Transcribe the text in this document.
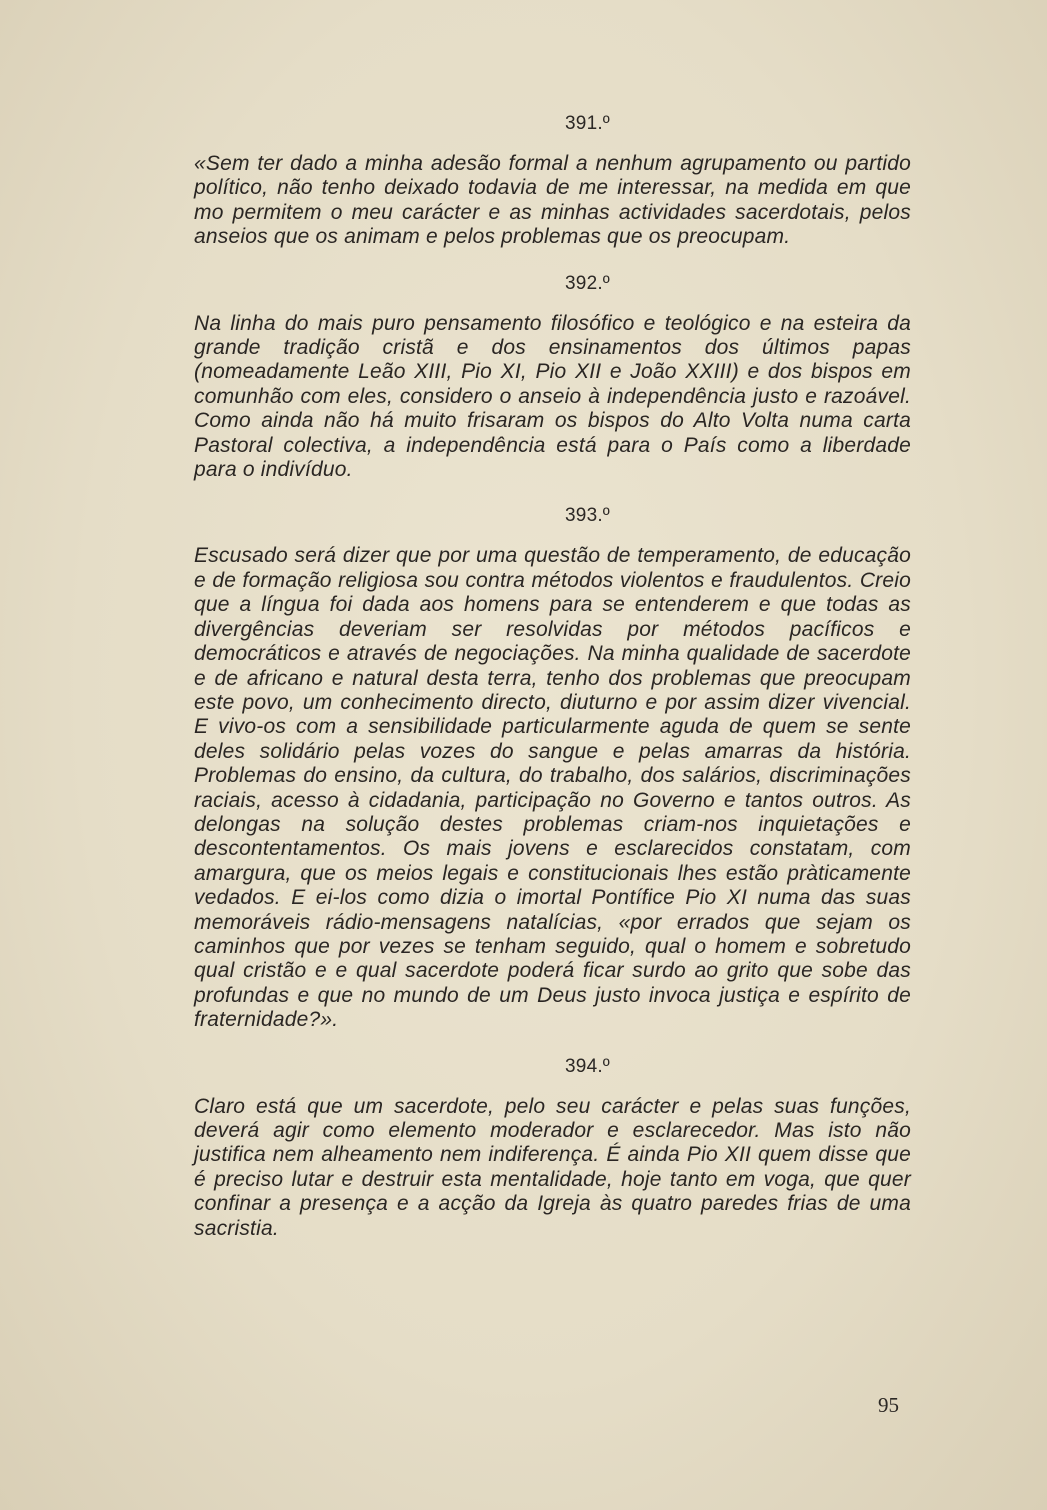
391.º

«Sem ter dado a minha adesão formal a nenhum agrupamento ou partido político, não tenho deixado todavia de me interessar, na medida em que mo permitem o meu carácter e as minhas actividades sacerdotais, pelos anseios que os animam e pelos problemas que os preocupam.

392.º

Na linha do mais puro pensamento filosófico e teológico e na esteira da grande tradição cristã e dos ensinamentos dos últimos papas (nomeadamente Leão XIII, Pio XI, Pio XII e João XXIII) e dos bispos em comunhão com eles, considero o anseio à independência justo e razoável. Como ainda não há muito frisaram os bispos do Alto Volta numa carta Pastoral colectiva, a independência está para o País como a liberdade para o indivíduo.

393.º

Escusado será dizer que por uma questão de temperamento, de educação e de formação religiosa sou contra métodos violentos e fraudulentos. Creio que a língua foi dada aos homens para se entenderem e que todas as divergências deveriam ser resolvidas por métodos pacíficos e democráticos e através de negociações. Na minha qualidade de sacerdote e de africano e natural desta terra, tenho dos problemas que preocupam este povo, um conhecimento directo, diuturno e por assim dizer vivencial. E vivo-os com a sensibilidade particularmente aguda de quem se sente deles solidário pelas vozes do sangue e pelas amarras da história. Problemas do ensino, da cultura, do trabalho, dos salários, discriminações raciais, acesso à cidadania, participação no Governo e tantos outros. As delongas na solução destes problemas criam-nos inquietações e descontentamentos. Os mais jovens e esclarecidos constatam, com amargura, que os meios legais e constitucionais lhes estão pràticamente vedados. E ei-los como dizia o imortal Pontífice Pio XI numa das suas memoráveis rádio-mensagens natalícias, «por errados que sejam os caminhos que por vezes se tenham seguido, qual o homem e sobretudo qual cristão e e qual sacerdote poderá ficar surdo ao grito que sobe das profundas e que no mundo de um Deus justo invoca justiça e espírito de fraternidade?».

394.º

Claro está que um sacerdote, pelo seu carácter e pelas suas funções, deverá agir como elemento moderador e esclarecedor. Mas isto não justifica nem alheamento nem indiferença. É ainda Pio XII quem disse que é preciso lutar e destruir esta mentalidade, hoje tanto em voga, que quer confinar a presença e a acção da Igreja às quatro paredes frias de uma sacristia.

95
